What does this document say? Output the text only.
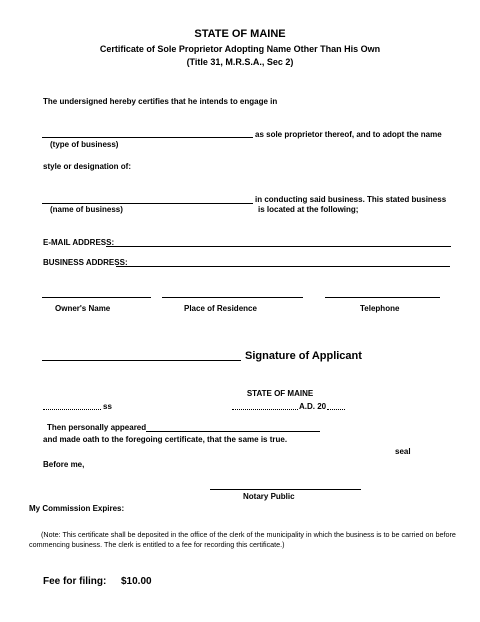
STATE OF MAINE
Certificate of Sole Proprietor Adopting Name Other Than His Own
(Title 31, M.R.S.A., Sec 2)
The undersigned hereby certifies that he intends to engage in
as sole proprietor thereof, and to adopt the name
(type of business)
style or designation of:
in conducting said business. This stated business
(name of business)	is located at the following;
E-MAIL ADDRESS:
BUSINESS ADDRESS:
Owner's Name	Place of Residence	Telephone
Signature of Applicant
STATE OF MAINE
ss	A.D. 20
Then personally appeared
and made oath to the foregoing certificate, that the same is true.
seal
Before me,
Notary Public
My Commission Expires:
(Note: This certificate shall be deposited in the office of the clerk of the municipality in which the business is to be carried on before commencing business. The clerk is entitled to a fee for recording this certificate.)
Fee for filing: $10.00
